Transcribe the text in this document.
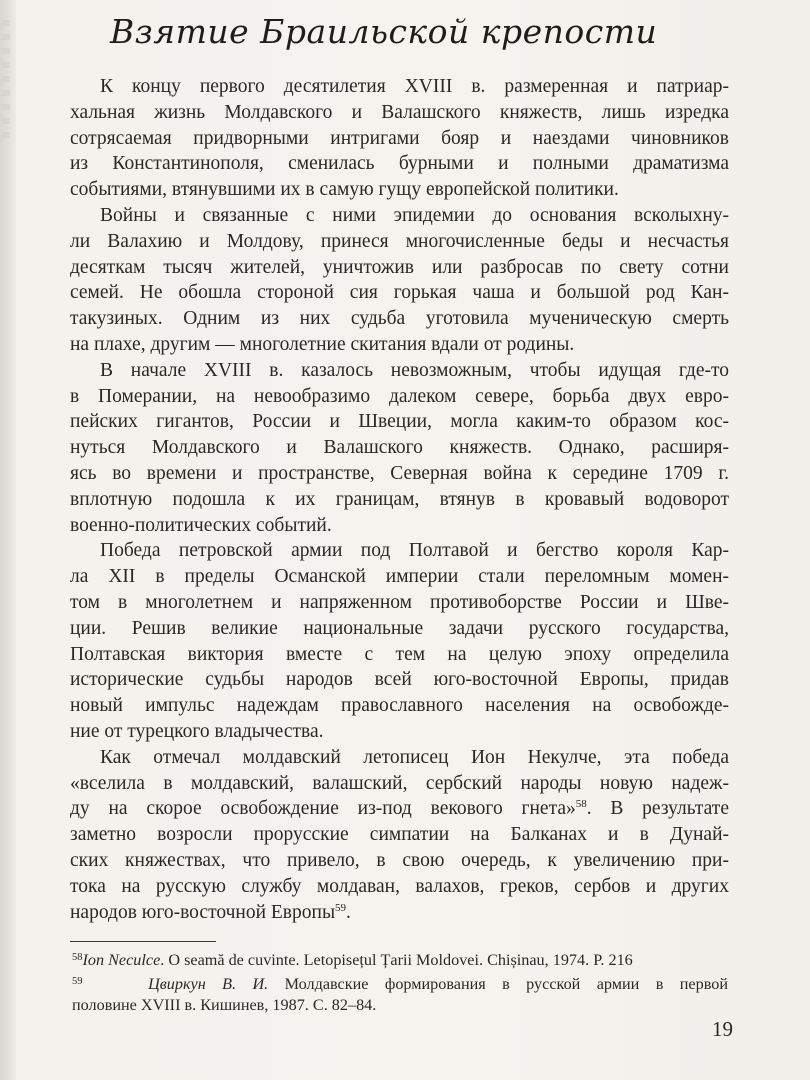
Взятие Браильской крепости
К концу первого десятилетия XVIII в. размеренная и патриар-
хальная жизнь Молдавского и Валашского княжеств, лишь изредка
сотрясаемая придворными интригами бояр и наездами чиновников
из Константинополя, сменилась бурными и полными драматизма
событиями, втянувшими их в самую гущу европейской политики.
Войны и связанные с ними эпидемии до основания всколыхну-
ли Валахию и Молдову, принеся многочисленные беды и несчастья
десяткам тысяч жителей, уничтожив или разбросав по свету сотни
семей. Не обошла стороной сия горькая чаша и большой род Кан-
такузиных. Одним из них судьба уготовила мученическую смерть
на плахе, другим — многолетние скитания вдали от родины.
В начале XVIII в. казалось невозможным, чтобы идущая где-то
в Померании, на невообразимо далеком севере, борьба двух евро-
пейских гигантов, России и Швеции, могла каким-то образом кос-
нуться Молдавского и Валашского княжеств. Однако, расширя-
ясь во времени и пространстве, Северная война к середине 1709 г.
вплотную подошла к их границам, втянув в кровавый водоворот
военно-политических событий.
Победа петровской армии под Полтавой и бегство короля Кар-
ла XII в пределы Османской империи стали переломным момен-
том в многолетнем и напряженном противоборстве России и Шве-
ции. Решив великие национальные задачи русского государства,
Полтавская виктория вместе с тем на целую эпоху определила
исторические судьбы народов всей юго-восточной Европы, придав
новый импульс надеждам православного населения на освобожде-
ние от турецкого владычества.
Как отмечал молдавский летописец Ион Некулче, эта победа
«вселила в молдавский, валашский, сербский народы новую надеж-
ду на скорое освобождение из-под векового гнета»$^{58}$. В результате
заметно возросли прорусские симпатии на Балканах и в Дунай-
ских княжествах, что привело, в свою очередь, к увеличению при-
тока на русскую службу молдаван, валахов, греков, сербов и других
народов юго-восточной Европы$^{59}$.
$^{58}$Ion Neculce. O seamă de cuvinte. Letopisețul Țarii Moldovei. Chișinau, 1974. P. 216
$^{59}$	Цвиркун В. И. Молдавские формирования в русской армии в первой
половине XVIII в. Кишинев, 1987. С. 82–84.
19
